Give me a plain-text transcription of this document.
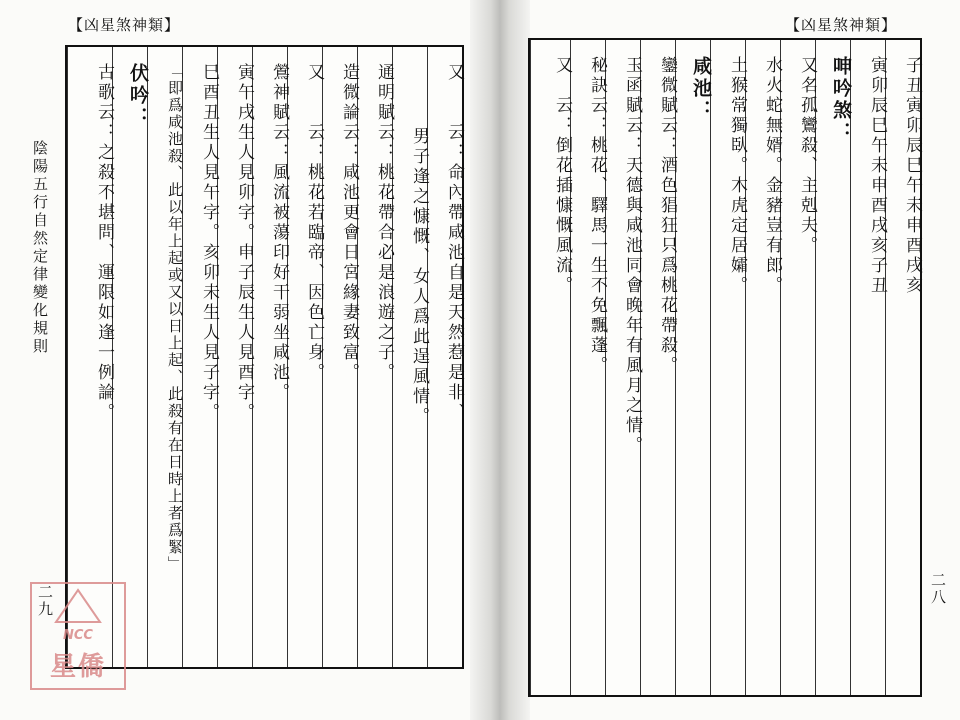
【凶星煞神類】
又　　云：命內帶咸池自是天然惹是非、
　　男子逢之慷慨、女人爲此逞風情。
通明賦云：桃花帶合必是浪遊之子。
造微論云：咸池更會日宮緣妻致富。
又　　云：桃花若臨帝、因色亡身。
鶯神賦云：風流被蕩印好干弱坐咸池。
寅午戌生人見卯字。申子辰生人見酉字。
巳酉丑生人見午字。亥卯未生人見子字。
「即爲咸池殺、此以年上起或又以日上起、此殺有在日時上者爲緊」
伏吟：
古歌云：之殺不堪問、運限如逢一例論。
陰陽五行自然定律變化規則
二九
NCC
星僑
【凶星煞神類】
子丑寅卯辰巳午未申酉戌亥
寅卯辰巳午未申酉戌亥子丑
呻吟煞：
又名孤鸞殺、主剋夫。
水火蛇無婿。金豬豈有郎。
土猴常獨臥。木虎定居孀。
咸池：
鑾微賦云：酒色猖狂只爲桃花帶殺。
玉函賦云：天德與咸池同會晚年有風月之情。
秘訣云：桃花、驛馬一生不免飄蓬。
又　云：倒花插慷慨風流。
二八
